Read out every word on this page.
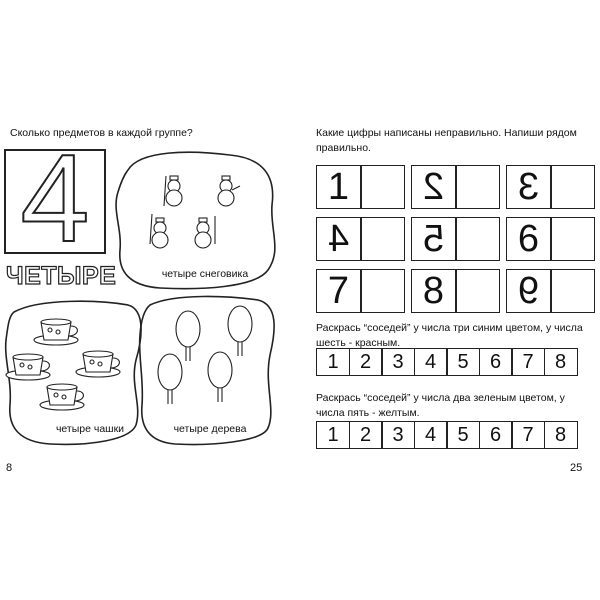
Сколько предметов в каждой группе?
4
ЧЕТЫРЕ	четыре снеговика
четыре чашки	четыре дерева
8
Какие цифры написаны неправильно. Напиши рядом правильно.
1 2 3
4 5 6
7 8 9
Раскрась “соседей” у числа три синим цветом, у числа шесть - красным.
1	2	3	4	5	6	7	8
Раскрась “соседей” у числа два зеленым цветом, у числа пять - желтым.
1	2	3	4	5	6	7	8
25
